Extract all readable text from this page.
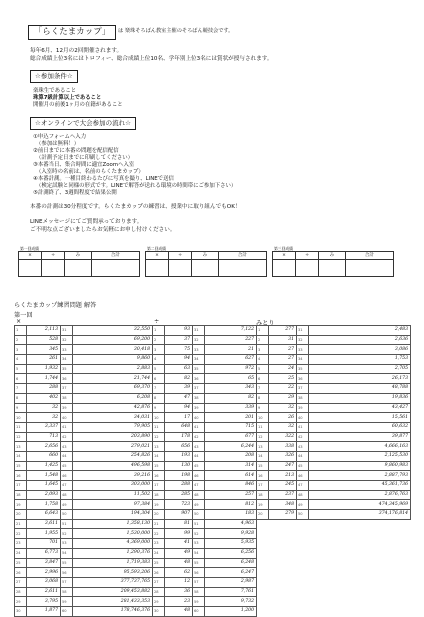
「らくたまカップ」	は 楽珠そろばん教室主催のそろばん競技会です。
毎年6月、12月の2回開催されます。
総合成績上位3名にはトロフィー、総合成績上位10名、学年別上位3名には賞状が授与されます。
☆参加条件☆
楽珠生であること
珠算7級計算以上であること
開催月の前後1ヶ月の在籍があること
☆オンラインで大会参加の流れ☆
①申込フォームへ入力
（参加は無料！）
②前日までに本番の問題を配信配信
（計測予定日までに印刷してください）
③本番当日、集合時間に適宜Zoomへ入室
（入室時の名前は、名前のらくたまカップ）
④本番計測。一種目終わるたびに写真を撮り、LINEで送信
（検定試験と同様の形式です。LINEで解答が送れる環境の時間帯にご参加下さい）
⑤計測終了、3週間程度で結果公開
本番の計測は30分程度です。らくたまカップの練習は、授業中に取り組んでもOK！
LINEメッセージにてご質問承っております。
ご不明な点ございましたらお気軽にお申し付けください。
第一回成績	第二回成績	第三回成績
×	÷	み	合計
				×	÷	み	合計
				×	÷	み	合計

らくたまカップ練習問題 解答
第一回
×	÷	みとり
1	2,113	31	32,550	1	93	31	7,122	1	277	31	2,483
2	528	32	69,200	2	37	32	227	2	31	32	2,636
3	345	33	30,418	3	75	33	21	3	27	33	3,086
4	261	34	9,860	4	94	34	627	4	27	34	1,753
5	1,932	35	2,883	5	63	35	972	5	24	35	2,705
6	1,744	36	21,744	6	82	36	65	6	25	36	26,173
7	288	37	69,370	7	39	37	343	7	22	37	48,788
8	402	38	6,208	8	47	38	82	8	29	38	19,836
9	32	39	42,876	9	94	39	339	9	32	39	43,427
10	32	40	34,031	10	17	40	201	10	26	40	15,561
11	3,337	41	79,905	11	648	41	715	11	32	41	60,632
12	713	42	203,890	12	178	42	677	12	322	42	39,877
13	2,656	43	279,021	13	656	43	6,244	13	338	43	4,666,163
14	660	44	254,826	14	193	44	208	14	326	44	2,125,530
15	1,425	45	496,598	15	130	45	314	15	247	45	9,860,983
16	1,548	46	39,216	16	198	46	614	16	213	46	2,887,793
17	1,645	47	303,000	17	288	47	846	17	245	47	45,361,736
18	2,093	48	11,502	18	285	48	257	18	237	48	2,876,763
19	1,758	49	97,384	19	723	49	812	19	348	49	474,345,969
20	6,643	50	194,304	20	907	50	183	20	279	50	374,176,814
21	3,611	51	1,358,130	21	81	51	4,963				
22	1,955	52	1,530,000	22	99	52	9,928				
23	701	53	4,369,000	23	41	53	5,935				
24	6,773	54	1,290,376	24	49	54	6,256				
25	3,847	55	1,719,383	25	48	55	6,248				
26	2,996	56	95,593,206	26	62	56	6,247				
27	3,068	57	377,737,765	27	12	57	2,987				
28	2,611	58	209,453,882	28	36	58	7,761				
29	3,795	59	281,433,353	29	23	59	9,732				
30	1,877	60	178,746,376	30	48	60	1,200				
